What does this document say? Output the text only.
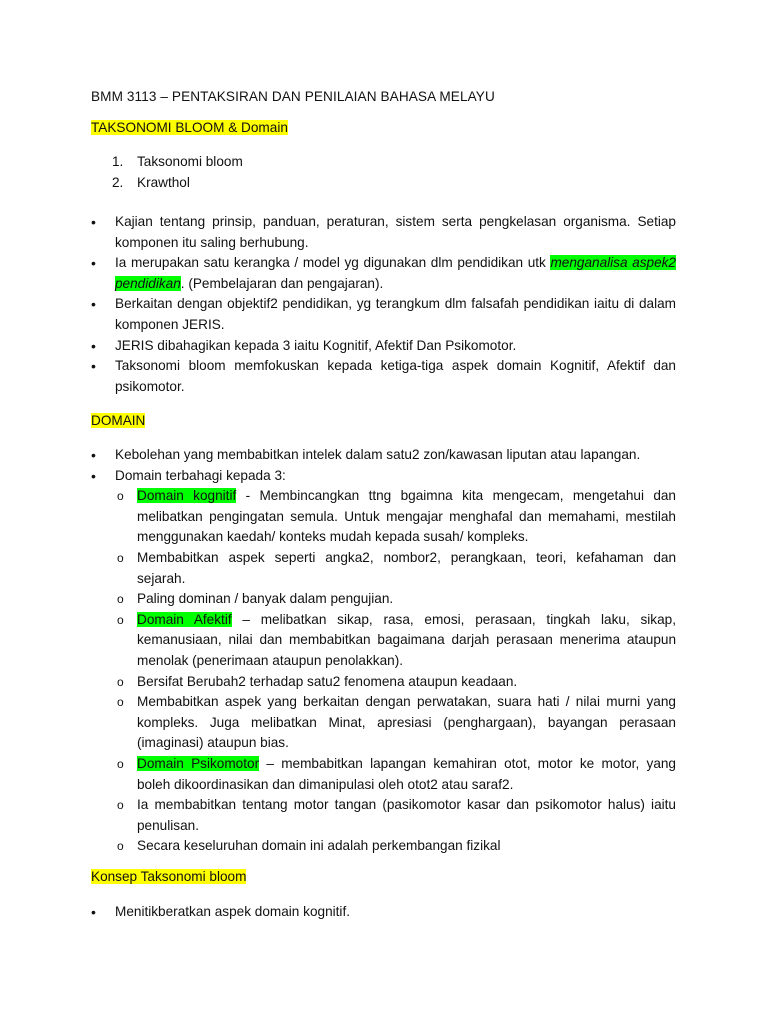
BMM 3113 – PENTAKSIRAN DAN PENILAIAN BAHASA MELAYU
TAKSONOMI BLOOM & Domain
1. Taksonomi bloom
2. Krawthol
• Kajian tentang prinsip, panduan, peraturan, sistem serta pengkelasan organisma. Setiap komponen itu saling berhubung.
• Ia merupakan satu kerangka / model yg digunakan dlm pendidikan utk menganalisa aspek2 pendidikan. (Pembelajaran dan pengajaran).
• Berkaitan dengan objektif2 pendidikan, yg terangkum dlm falsafah pendidikan iaitu di dalam komponen JERIS.
• JERIS dibahagikan kepada 3 iaitu Kognitif, Afektif Dan Psikomotor.
• Taksonomi bloom memfokuskan kepada ketiga-tiga aspek domain Kognitif, Afektif dan psikomotor.
DOMAIN
• Kebolehan yang membabitkan intelek dalam satu2 zon/kawasan liputan atau lapangan.
• Domain terbahagi kepada 3:
o Domain kognitif - Membincangkan ttng bgaimna kita mengecam, mengetahui dan melibatkan pengingatan semula. Untuk mengajar menghafal dan memahami, mestilah menggunakan kaedah/ konteks mudah kepada susah/ kompleks.
o Membabitkan aspek seperti angka2, nombor2, perangkaan, teori, kefahaman dan sejarah.
o Paling dominan / banyak dalam pengujian.
o Domain Afektif – melibatkan sikap, rasa, emosi, perasaan, tingkah laku, sikap, kemanusiaan, nilai dan membabitkan bagaimana darjah perasaan menerima ataupun menolak (penerimaan ataupun penolakkan).
o Bersifat Berubah2 terhadap satu2 fenomena ataupun keadaan.
o Membabitkan aspek yang berkaitan dengan perwatakan, suara hati / nilai murni yang kompleks. Juga melibatkan Minat, apresiasi (penghargaan), bayangan perasaan (imaginasi) ataupun bias.
o Domain Psikomotor – membabitkan lapangan kemahiran otot, motor ke motor, yang boleh dikoordinasikan dan dimanipulasi oleh otot2 atau saraf2.
o Ia membabitkan tentang motor tangan (pasikomotor kasar dan psikomotor halus) iaitu penulisan.
o Secara keseluruhan domain ini adalah perkembangan fizikal
Konsep Taksonomi bloom
• Menitikberatkan aspek domain kognitif.
